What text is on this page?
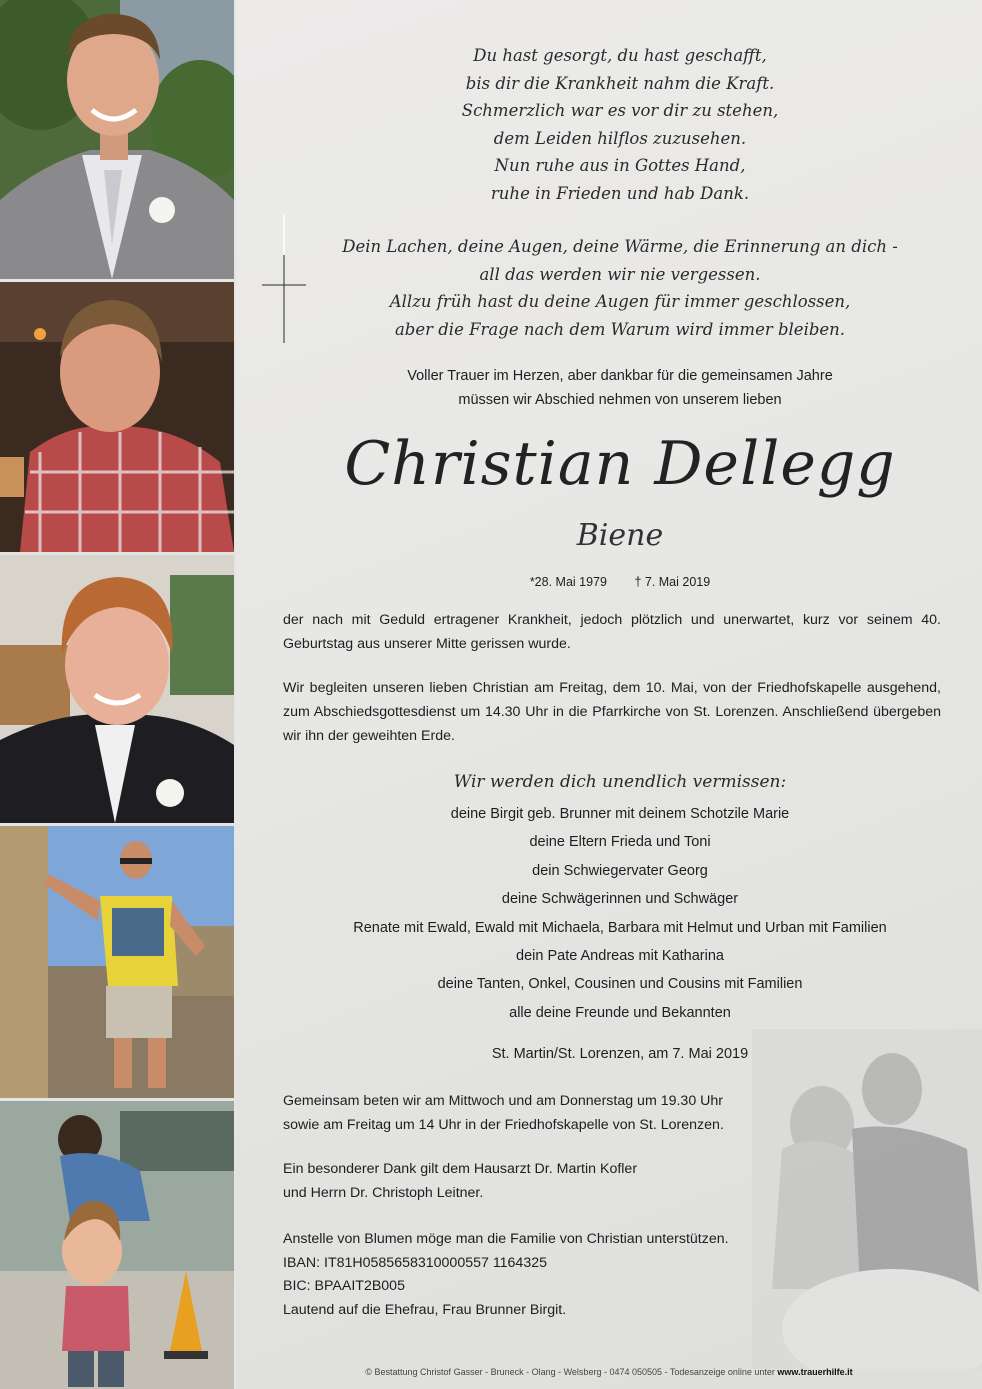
Du hast gesorgt, du hast geschafft,
bis dir die Krankheit nahm die Kraft.
Schmerzlich war es vor dir zu stehen,
dem Leiden hilflos zuzusehen.
Nun ruhe aus in Gottes Hand,
ruhe in Frieden und hab Dank.
Dein Lachen, deine Augen, deine Wärme, die Erinnerung an dich -
all das werden wir nie vergessen.
Allzu früh hast du deine Augen für immer geschlossen,
aber die Frage nach dem Warum wird immer bleiben.
Voller Trauer im Herzen, aber dankbar für die gemeinsamen Jahre
müssen wir Abschied nehmen von unserem lieben
Christian Dellegg
Biene
*28. Mai 1979 † 7. Mai 2019
der nach mit Geduld ertragener Krankheit, jedoch plötzlich und unerwartet, kurz vor seinem 40. Geburtstag aus unserer Mitte gerissen wurde.
Wir begleiten unseren lieben Christian am Freitag, dem 10. Mai, von der Friedhofskapelle ausgehend, zum Abschiedsgottesdienst um 14.30 Uhr in die Pfarrkirche von St. Lorenzen. Anschließend übergeben wir ihn der geweihten Erde.
Wir werden dich unendlich vermissen:
deine Birgit geb. Brunner mit deinem Schotzile Marie
deine Eltern Frieda und Toni
dein Schwiegervater Georg
deine Schwägerinnen und Schwäger
Renate mit Ewald, Ewald mit Michaela, Barbara mit Helmut und Urban mit Familien
dein Pate Andreas mit Katharina
deine Tanten, Onkel, Cousinen und Cousins mit Familien
alle deine Freunde und Bekannten
St. Martin/St. Lorenzen, am 7. Mai 2019
Gemeinsam beten wir am Mittwoch und am Donnerstag um 19.30 Uhr
sowie am Freitag um 14 Uhr in der Friedhofskapelle von St. Lorenzen.
Ein besonderer Dank gilt dem Hausarzt Dr. Martin Kofler
und Herrn Dr. Christoph Leitner.
Anstelle von Blumen möge man die Familie von Christian unterstützen.
IBAN: IT81H0585658310000557 1164325
BIC: BPAAIT2B005
Lautend auf die Ehefrau, Frau Brunner Birgit.
© Bestattung Christof Gasser - Bruneck - Olang - Welsberg - 0474 050505 - Todesanzeige online unter www.trauerhilfe.it
